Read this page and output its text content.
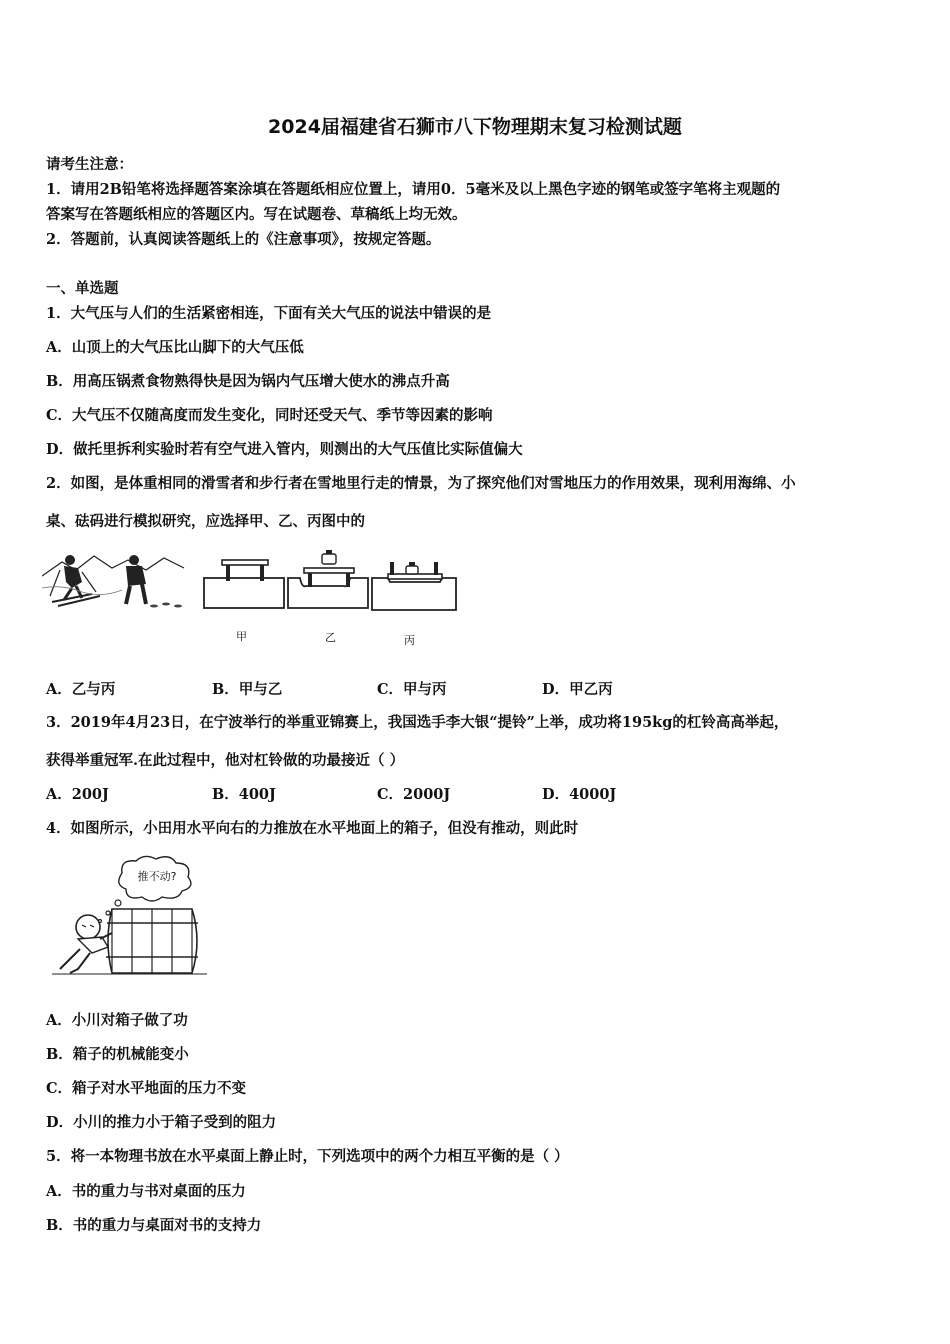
2024届福建省石狮市八下物理期末复习检测试题
请考生注意：
1．请用2B铅笔将选择题答案涂填在答题纸相应位置上，请用0．5毫米及以上黑色字迹的钢笔或签字笔将主观题的
答案写在答题纸相应的答题区内。写在试题卷、草稿纸上均无效。
2．答题前，认真阅读答题纸上的《注意事项》，按规定答题。
一、单选题
1．大气压与人们的生活紧密相连，下面有关大气压的说法中错误的是
A．山顶上的大气压比山脚下的大气压低
B．用高压锅煮食物熟得快是因为锅内气压增大使水的沸点升高
C．大气压不仅随高度而发生变化，同时还受天气、季节等因素的影响
D．做托里拆利实验时若有空气进入管内，则测出的大气压值比实际值偏大
2．如图，是体重相同的滑雪者和步行者在雪地里行走的情景，为了探究他们对雪地压力的作用效果，现利用海绵、小
桌、砝码进行模拟研究，应选择甲、乙、丙图中的
甲	乙	丙
A．乙与丙	B．甲与乙	C．甲与丙	D．甲乙丙
3．2019年4月23日，在宁波举行的举重亚锦赛上，我国选手李大银“提铃”上举，成功将195kg的杠铃高高举起，
获得举重冠军.在此过程中，他对杠铃做的功最接近（ ）
A．200J	B．400J	C．2000J	D．4000J
4．如图所示，小田用水平向右的力推放在水平地面上的箱子，但没有推动，则此时
推不动?
A．小川对箱子做了功
B．箱子的机械能变小
C．箱子对水平地面的压力不变
D．小川的推力小于箱子受到的阻力
5．将一本物理书放在水平桌面上静止时，下列选项中的两个力相互平衡的是（ ）
A．书的重力与书对桌面的压力
B．书的重力与桌面对书的支持力
